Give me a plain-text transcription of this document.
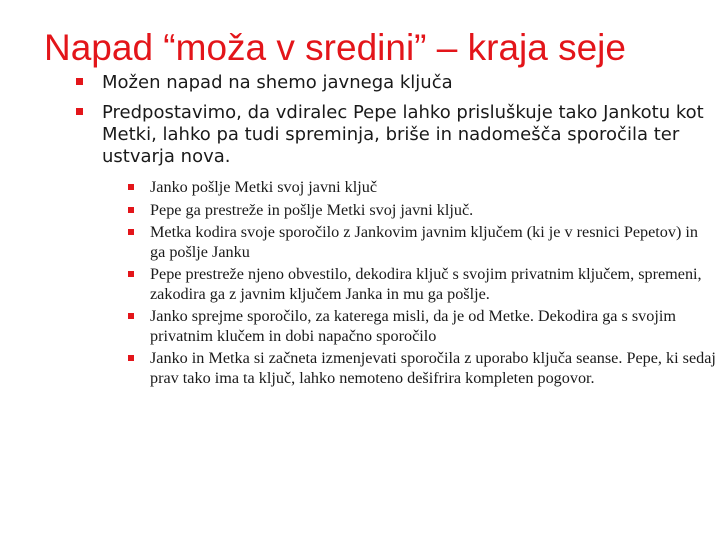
Napad “moža v sredini” – kraja seje
Možen napad na shemo javnega ključa
Predpostavimo, da vdiralec Pepe lahko prisluškuje tako Jankotu kot Metki, lahko pa tudi spreminja, briše in nadomešča sporočila ter ustvarja nova.
Janko pošlje Metki svoj javni ključ
Pepe ga prestreže in pošlje Metki svoj javni ključ.
Metka kodira svoje sporočilo z Jankovim javnim ključem (ki je v resnici Pepetov) in ga pošlje Janku
Pepe prestreže njeno obvestilo, dekodira ključ s svojim privatnim ključem, spremeni, zakodira ga z javnim ključem Janka in mu ga pošlje.
Janko sprejme sporočilo, za katerega misli, da je od Metke. Dekodira ga s svojim privatnim klučem in dobi napačno sporočilo
Janko in Metka si začneta izmenjevati sporočila z uporabo ključa seanse. Pepe, ki sedaj prav tako ima ta ključ, lahko nemoteno dešifrira kompleten pogovor.
